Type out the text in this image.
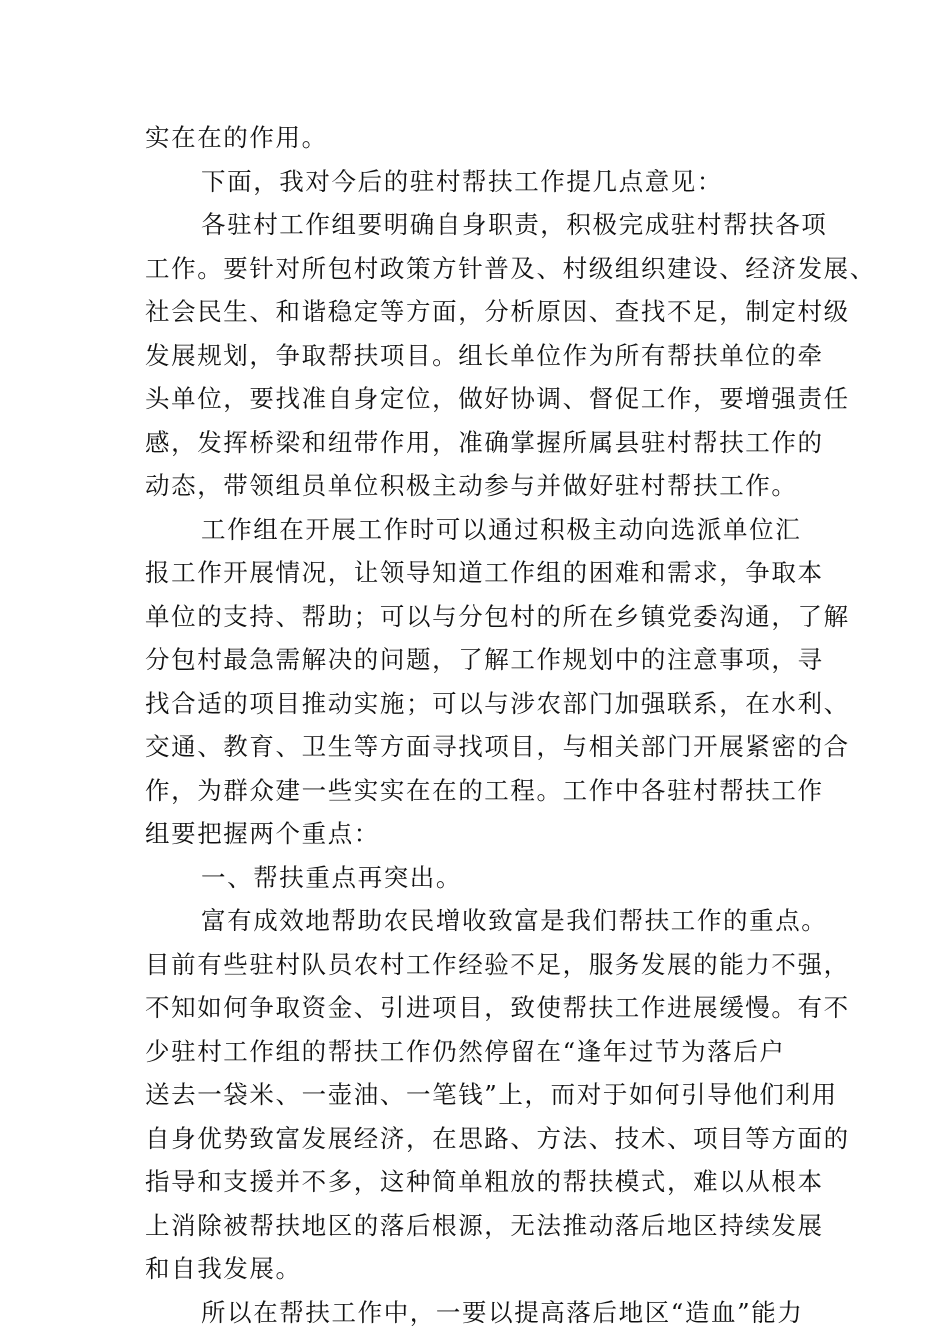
实在在的作用。
下面，我对今后的驻村帮扶工作提几点意见：
各驻村工作组要明确自身职责，积极完成驻村帮扶各项
工作。要针对所包村政策方针普及、村级组织建设、经济发展、
社会民生、和谐稳定等方面，分析原因、查找不足，制定村级
发展规划，争取帮扶项目。组长单位作为所有帮扶单位的牵
头单位，要找准自身定位，做好协调、督促工作，要增强责任
感，发挥桥梁和纽带作用，准确掌握所属县驻村帮扶工作的
动态，带领组员单位积极主动参与并做好驻村帮扶工作。
工作组在开展工作时可以通过积极主动向选派单位汇
报工作开展情况，让领导知道工作组的困难和需求，争取本
单位的支持、帮助；可以与分包村的所在乡镇党委沟通，了解
分包村最急需解决的问题，了解工作规划中的注意事项，寻
找合适的项目推动实施；可以与涉农部门加强联系，在水利、
交通、教育、卫生等方面寻找项目，与相关部门开展紧密的合
作，为群众建一些实实在在的工程。工作中各驻村帮扶工作
组要把握两个重点：
一、帮扶重点再突出。
富有成效地帮助农民增收致富是我们帮扶工作的重点。
目前有些驻村队员农村工作经验不足，服务发展的能力不强，
不知如何争取资金、引进项目，致使帮扶工作进展缓慢。有不
少驻村工作组的帮扶工作仍然停留在“逢年过节为落后户
送去一袋米、一壶油、一笔钱”上，而对于如何引导他们利用
自身优势致富发展经济，在思路、方法、技术、项目等方面的
指导和支援并不多，这种简单粗放的帮扶模式，难以从根本
上消除被帮扶地区的落后根源，无法推动落后地区持续发展
和自我发展。
所以在帮扶工作中，一要以提高落后地区“造血”能力
